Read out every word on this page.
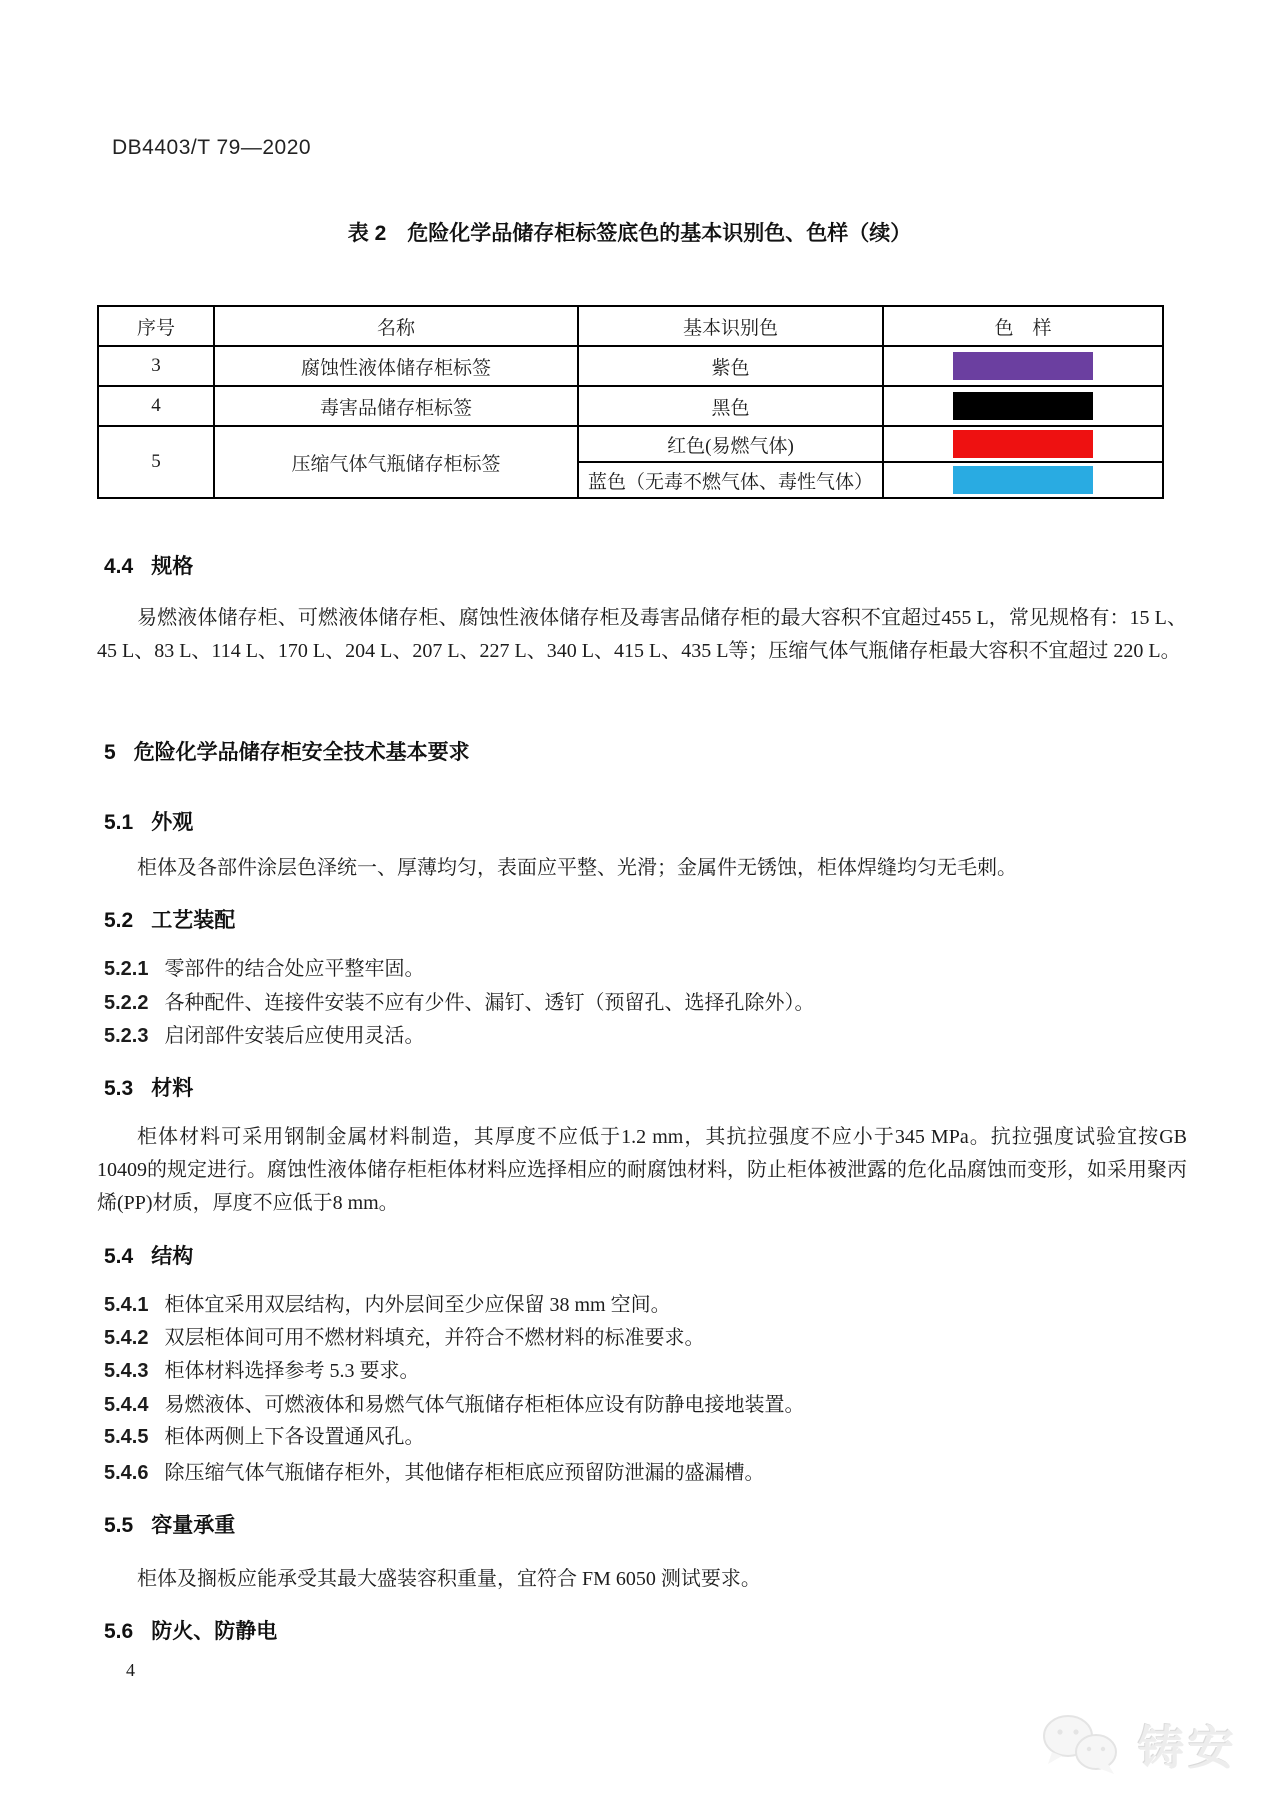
DB4403/T 79—2020
表 2　危险化学品储存柜标签底色的基本识别色、色样（续）
序号	名称	基本识别色	色　样
3	腐蚀性液体储存柜标签	紫色	

4	毒害品储存柜标签	黑色	

5	压缩气体气瓶储存柜标签	红色(易燃气体)	

		蓝色（无毒不燃气体、毒性气体）	
4.4 规格
易燃液体储存柜、可燃液体储存柜、腐蚀性液体储存柜及毒害品储存柜的最大容积不宜超过455 L，常见规格有：15 L、45 L、83 L、114 L、170 L、204 L、207 L、227 L、340 L、415 L、435 L等；压缩气体气瓶储存柜最大容积不宜超过 220 L。
5 危险化学品储存柜安全技术基本要求
5.1 外观
柜体及各部件涂层色泽统一、厚薄均匀，表面应平整、光滑；金属件无锈蚀，柜体焊缝均匀无毛刺。
5.2 工艺装配
5.2.1 零部件的结合处应平整牢固。
5.2.2 各种配件、连接件安装不应有少件、漏钉、透钉（预留孔、选择孔除外）。
5.2.3 启闭部件安装后应使用灵活。
5.3 材料
柜体材料可采用钢制金属材料制造，其厚度不应低于1.2 mm，其抗拉强度不应小于345 MPa。抗拉强度试验宜按GB 10409的规定进行。腐蚀性液体储存柜柜体材料应选择相应的耐腐蚀材料，防止柜体被泄露的危化品腐蚀而变形，如采用聚丙烯(PP)材质，厚度不应低于8 mm。
5.4 结构
5.4.1 柜体宜采用双层结构，内外层间至少应保留 38 mm 空间。
5.4.2 双层柜体间可用不燃材料填充，并符合不燃材料的标准要求。
5.4.3 柜体材料选择参考 5.3 要求。
5.4.4 易燃液体、可燃液体和易燃气体气瓶储存柜柜体应设有防静电接地装置。
5.4.5 柜体两侧上下各设置通风孔。
5.4.6 除压缩气体气瓶储存柜外，其他储存柜柜底应预留防泄漏的盛漏槽。
5.5 容量承重
柜体及搁板应能承受其最大盛装容积重量，宜符合 FM 6050 测试要求。
5.6 防火、防静电
4
铸安
